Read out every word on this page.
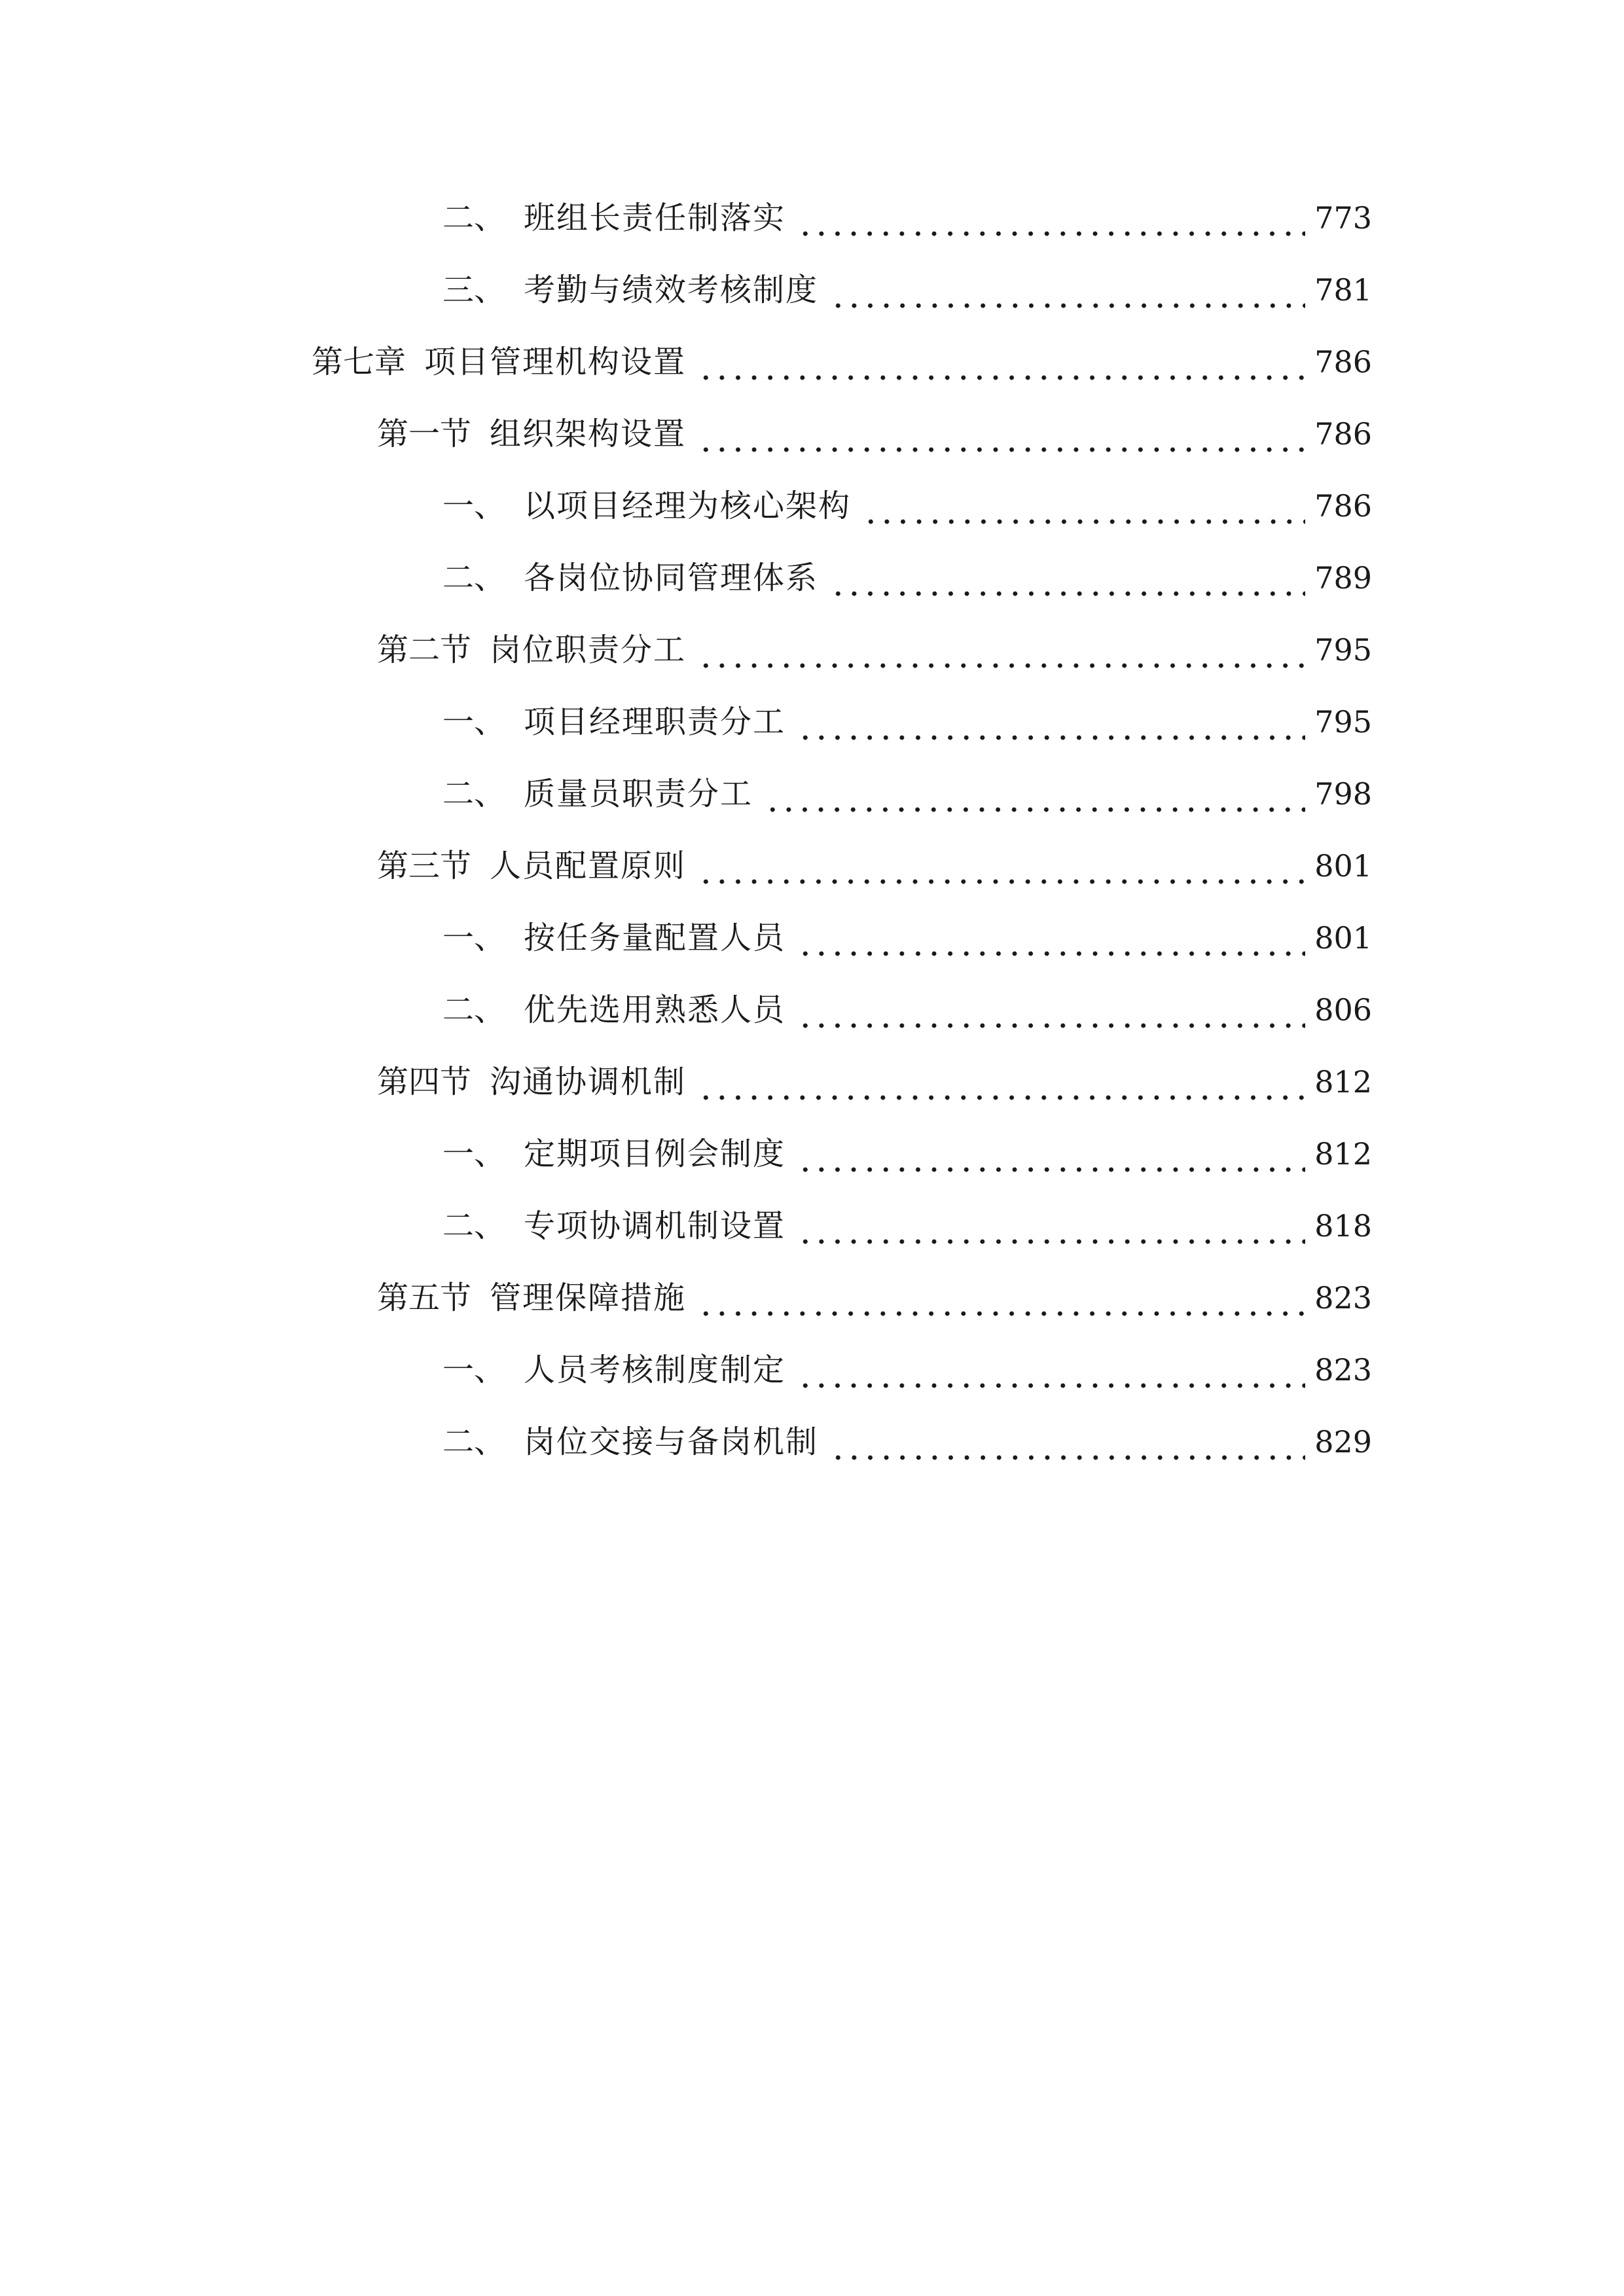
二、 班组长责任制落实	773
三、 考勤与绩效考核制度	781
第七章 项目管理机构设置	786
第一节 组织架构设置	786
一、 以项目经理为核心架构	786
二、 各岗位协同管理体系	789
第二节 岗位职责分工	795
一、 项目经理职责分工	795
二、 质量员职责分工	798
第三节 人员配置原则	801
一、 按任务量配置人员	801
二、 优先选用熟悉人员	806
第四节 沟通协调机制	812
一、 定期项目例会制度	812
二、 专项协调机制设置	818
第五节 管理保障措施	823
一、 人员考核制度制定	823
二、 岗位交接与备岗机制	829
